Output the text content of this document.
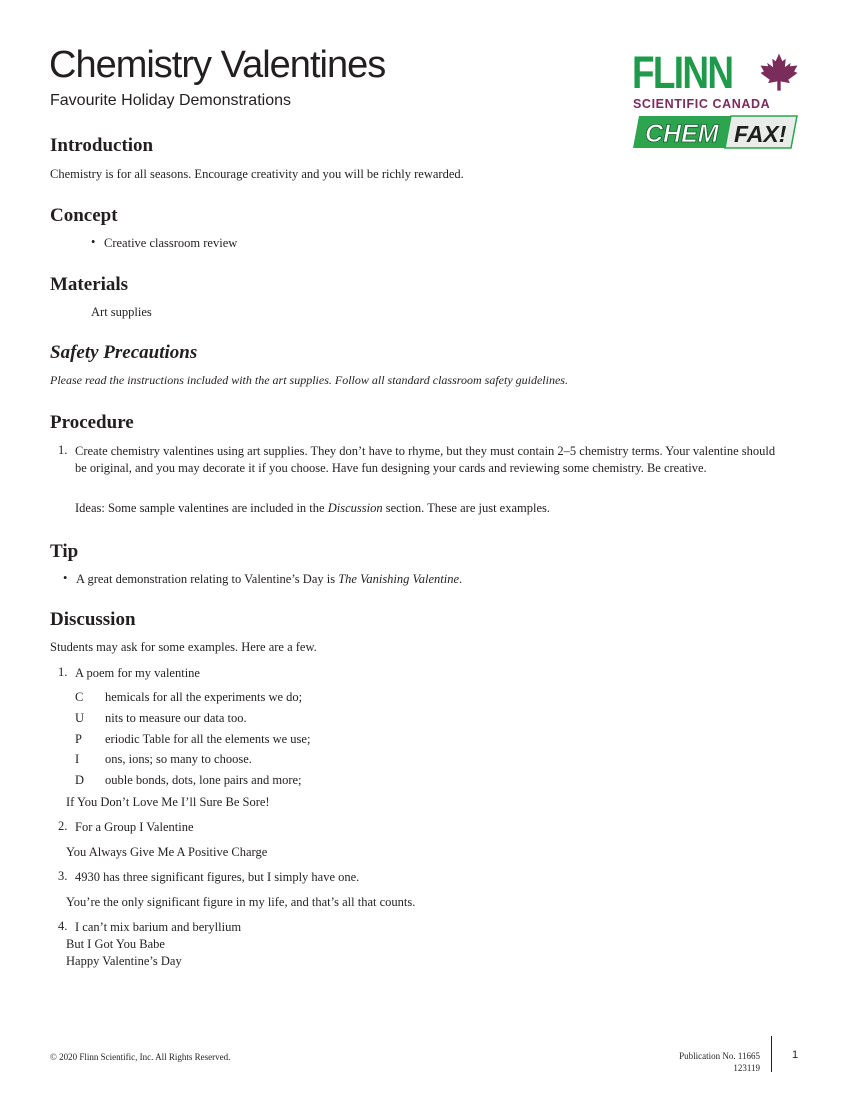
Chemistry Valentines
Favourite Holiday Demonstrations
FLINN
SCIENTIFIC CANADA
CHEM FAX!
Introduction
Chemistry is for all seasons. Encourage creativity and you will be richly rewarded.
Concept
• Creative classroom review
Materials
Art supplies
Safety Precautions
Please read the instructions included with the art supplies. Follow all standard classroom safety guidelines.
Procedure
1. Create chemistry valentines using art supplies. They don’t have to rhyme, but they must contain 2–5 chemistry terms. Your valentine should be original, and you may decorate it if you choose. Have fun designing your cards and reviewing some chemistry. Be creative.
Ideas: Some sample valentines are included in the Discussion section. These are just examples.
Tip
• A great demonstration relating to Valentine’s Day is The Vanishing Valentine.
Discussion
Students may ask for some examples. Here are a few.
1. A poem for my valentine
C hemicals for all the experiments we do;
U nits to measure our data too.
P eriodic Table for all the elements we use;
I ons, ions; so many to choose.
D ouble bonds, dots, lone pairs and more;
If You Don’t Love Me I’ll Sure Be Sore!
2. For a Group I Valentine
You Always Give Me A Positive Charge
3. 4930 has three significant figures, but I simply have one.
You’re the only significant figure in my life, and that’s all that counts.
4. I can’t mix barium and beryllium
But I Got You Babe
Happy Valentine’s Day
© 2020 Flinn Scientific, Inc. All Rights Reserved.	Publication No. 11665
123119
1
